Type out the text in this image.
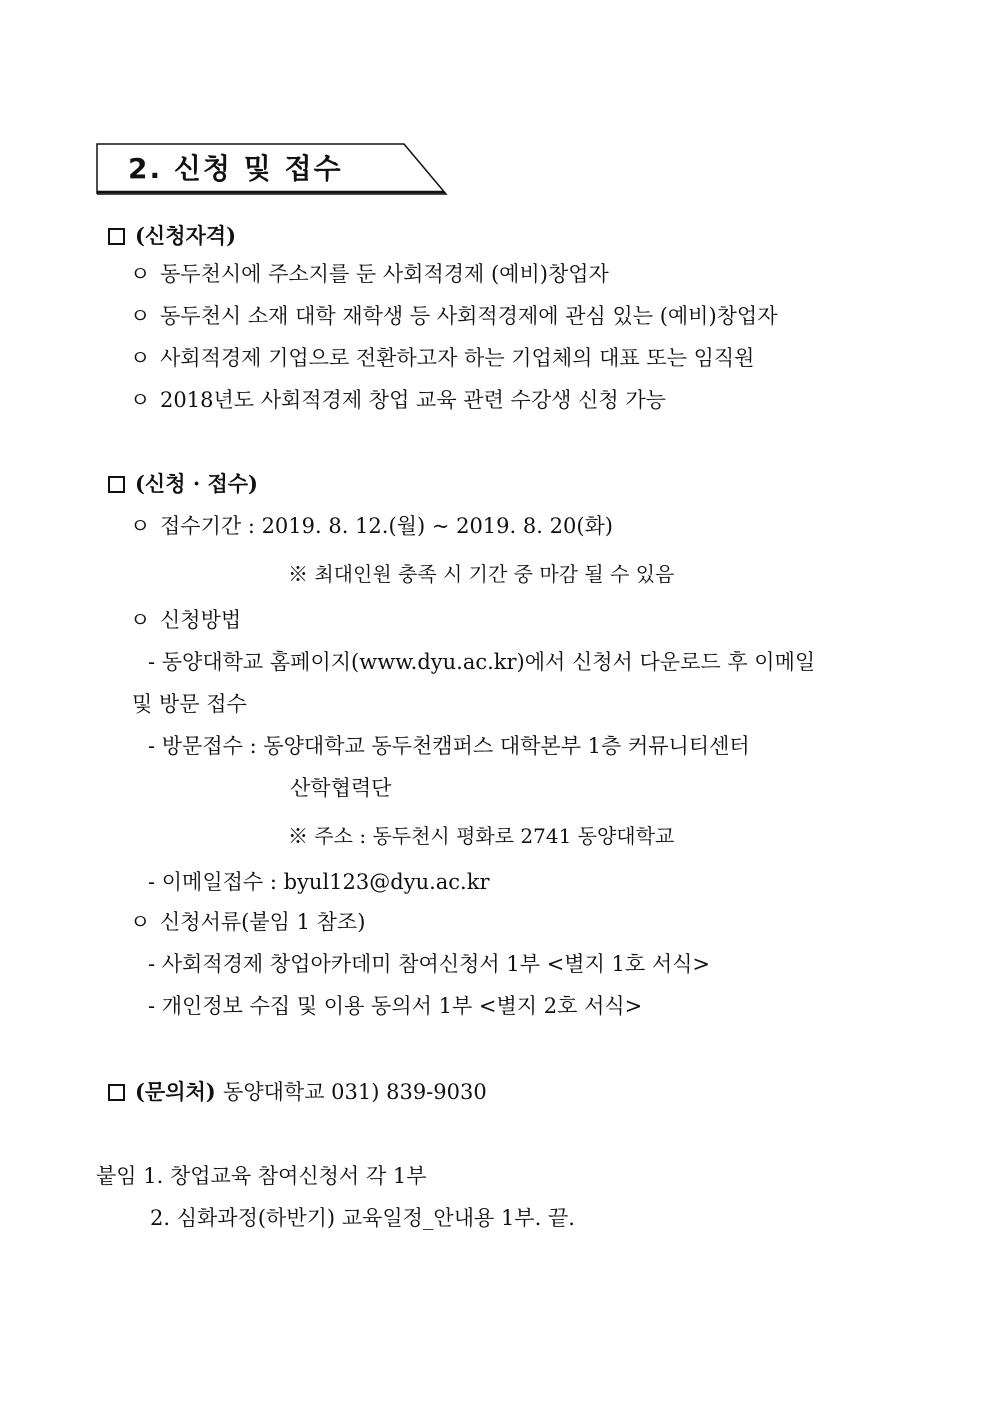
2. 신청 및 접수
(신청자격)
ㅇ 동두천시에 주소지를 둔 사회적경제 (예비)창업자
ㅇ 동두천시 소재 대학 재학생 등 사회적경제에 관심 있는 (예비)창업자
ㅇ 사회적경제 기업으로 전환하고자 하는 기업체의 대표 또는 임직원
ㅇ 2018년도 사회적경제 창업 교육 관련 수강생 신청 가능
(신청 · 접수)
ㅇ 접수기간 : 2019. 8. 12.(월) ~ 2019. 8. 20(화)
※ 최대인원 충족 시 기간 중 마감 될 수 있음
ㅇ 신청방법
- 동양대학교 홈페이지(www.dyu.ac.kr)에서 신청서 다운로드 후 이메일
및 방문 접수
- 방문접수 : 동양대학교 동두천캠퍼스 대학본부 1층 커뮤니티센터
산학협력단
※ 주소 : 동두천시 평화로 2741 동양대학교
- 이메일접수 : byul123@dyu.ac.kr
ㅇ 신청서류(붙임 1 참조)
- 사회적경제 창업아카데미 참여신청서 1부 <별지 1호 서식>
- 개인정보 수집 및 이용 동의서 1부 <별지 2호 서식>
(문의처) 동양대학교 031) 839-9030
붙임 1. 창업교육 참여신청서 각 1부
2. 심화과정(하반기) 교육일정_안내용 1부. 끝.
